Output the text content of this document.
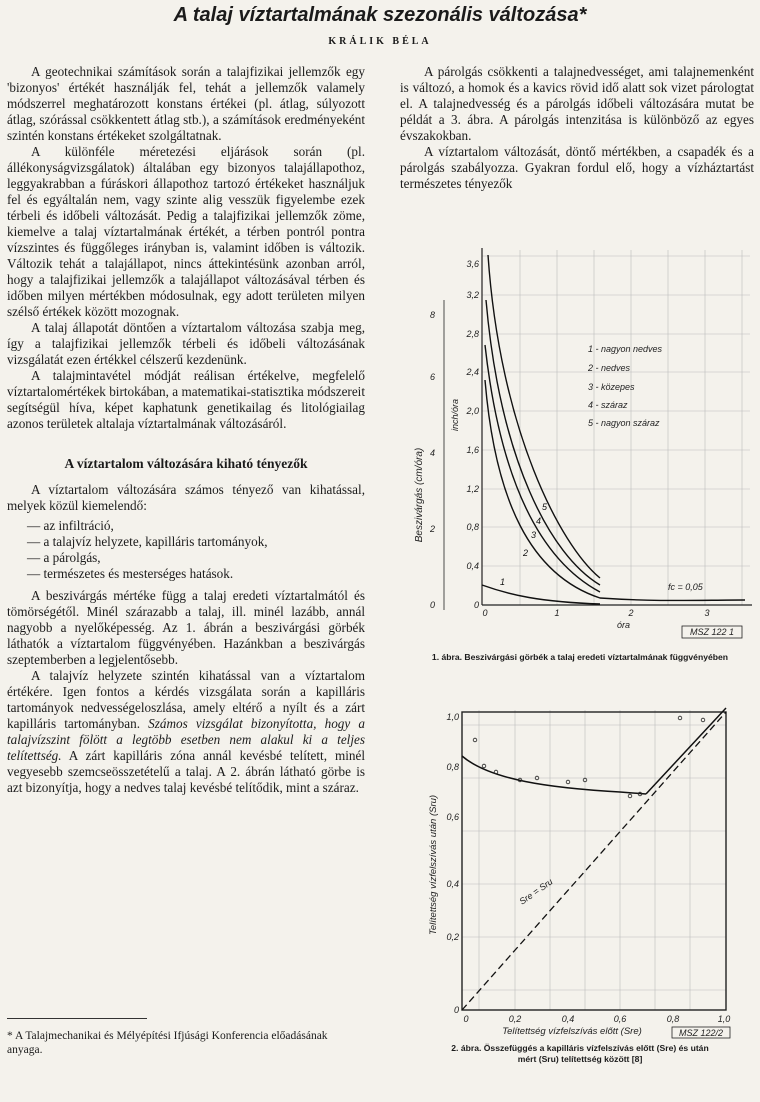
A talaj víztartalmának szezonális változása*
KRÁLIK BÉLA

A geotechnikai számítások során a talajfizikai jellemzők egy 'bizonyos' értékét használják fel, tehát a jellemzők valamely módszerrel meghatározott konstans értékei (pl. átlag, súlyozott átlag, szórással csökkentett átlag stb.), a számítások eredményeként szintén konstans értékeket szolgáltatnak.

A különféle méretezési eljárások során (pl. állékonyságvizsgálatok) általában egy bizonyos talajállapothoz, leggyakrabban a fúráskori állapothoz tartozó értékeket használjuk fel és egyáltalán nem, vagy szinte alig vesszük figyelembe ezek térbeli és időbeli változását. Pedig a talajfizikai jellemzők zöme, kiemelve a talaj víztartalmának értékét, a térben pontról pontra vízszintes és függőleges irányban is, valamint időben is változik. Változik tehát a talajállapot, nincs áttekintésünk azonban arról, hogy a talajfizikai jellemzők a talajállapot változásával térben és időben milyen mértékben módosulnak, egy adott területen milyen szélső értékek között mozognak.

A talaj állapotát döntően a víztartalom változása szabja meg, így a talajfizikai jellemzők térbeli és időbeli változásának vizsgálatát ezen értékkel célszerű kezdenünk.

A talajmintavétel módját reálisan értékelve, megfelelő víztartalomértékek birtokában, a matematikai-statisztika módszereit segítségül híva, képet kaphatunk genetikailag és litológiailag azonos területek altalaja víztartalmának változásáról.

A víztartalom változására kiható tényezők

A víztartalom változására számos tényező van kihatással, melyek közül kiemelendő:

— az infiltráció,
— a talajvíz helyzete, kapilláris tartományok,
— a párolgás,
— természetes és mesterséges hatások.

A beszivárgás mértéke függ a talaj eredeti víztartalmától és tömörségétől. Minél szárazabb a talaj, ill. minél lazább, annál nagyobb a nyelőképesség. Az 1. ábrán a beszivárgási görbék láthatók a víztartalom függvényében. Hazánkban a beszivárgás szeptemberben a legjelentősebb.

A talajvíz helyzete szintén kihatással van a víztartalom értékére. Igen fontos a kérdés vizsgálata során a kapilláris tartományok nedvességeloszlása, amely eltérő a nyílt és a zárt kapilláris tartományban. Számos vizsgálat bizonyította, hogy a talajvízszint fölött a legtöbb esetben nem alakul ki a teljes telítettség. A zárt kapilláris zóna annál kevésbé telített, minél vegyesebb szemcseösszetételű a talaj. A 2. ábrán látható görbe is azt bizonyítja, hogy a nedves talaj kevésbé telítődik, mint a száraz.

* A Talajmechanikai és Mélyépítési Ifjúsági Konferencia előadásának anyaga.

A párolgás csökkenti a talajnedvességet, ami talajnemenként is változó, a homok és a kavics rövid idő alatt sok vizet párologtat el. A talajnedvesség és a párolgás időbeli változására mutat be példát a 3. ábra. A párolgás intenzitása is különböző az egyes évszakokban.

A víztartalom változását, döntő mértékben, a csapadék és a párolgás szabályozza. Gyakran fordul elő, hogy a vízháztartást természetes tényezők

0
2
4
6
8
0
0,4
0,8
1,2
1,6
2,0
2,4
2,8
3,2
3,6
0	1	2	3
óra
Beszivárgás (cm/óra)
inch/óra
1
2
3
4
5
1 - nagyon nedves
2 - nedves
3 - közepes
4 - száraz
5 - nagyon száraz
fc = 0,05
MSZ 122 1
1. ábra. Beszivárgási görbék a talaj eredeti víztartalmának függvényében
0
0,2
0,4
0,6
0,8
1,0
0	0,2	0,4	0,6	0,8	1,0
Telítettség vízfelszívás előtt (Sre)
Telítettség vízfelszívás után (Sru)	Sre = Sru
MSZ 122/2
2. ábra. Összefüggés a kapilláris vízfelszívás előtt (Sre) és után
mért (Sru) telítettség között [8]
